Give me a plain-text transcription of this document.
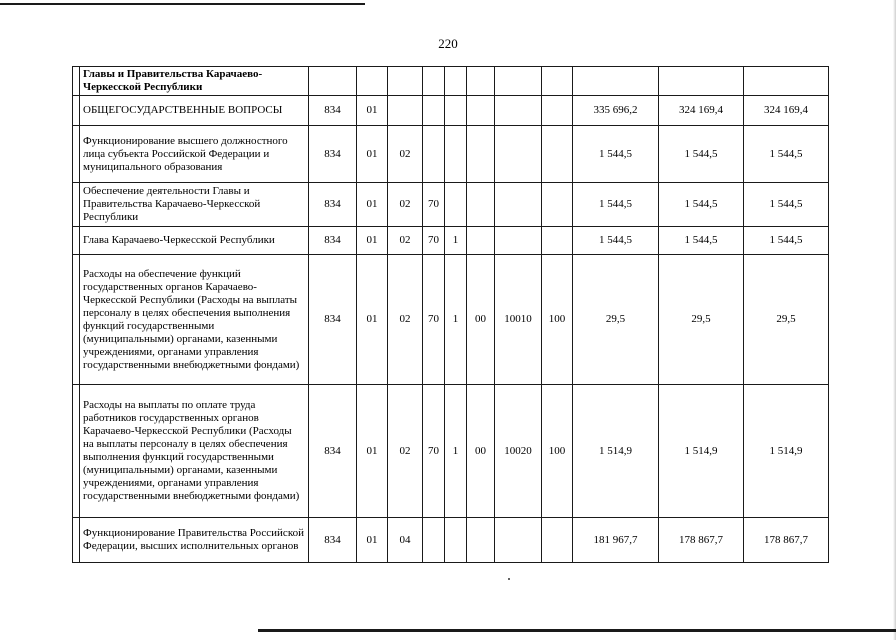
220
	Главы и Правительства Карачаево-Черкесской Республики											
	ОБЩЕГОСУДАРСТВЕННЫЕ ВОПРОСЫ	834	01							335 696,2	324 169,4	324 169,4
	Функционирование высшего должностного лица субъекта Российской Федерации и муниципального образования	834	01	02						1 544,5	1 544,5	1 544,5
	Обеспечение деятельности Главы и Правительства Карачаево-Черкесской Республики	834	01	02	70					1 544,5	1 544,5	1 544,5
	Глава Карачаево-Черкесской Республики	834	01	02	70	1				1 544,5	1 544,5	1 544,5
	Расходы на обеспечение функций государственных органов Карачаево-Черкесской Республики (Расходы на выплаты персоналу в целях обеспечения выполнения функций государственными (муниципальными) органами, казенными учреждениями, органами управления государственными внебюджетными фондами)	834	01	02	70	1	00	10010	100	29,5	29,5	29,5
	Расходы на выплаты по оплате труда работников государственных органов Карачаево-Черкесской Республики (Расходы на выплаты персоналу в целях обеспечения выполнения функций государственными (муниципальными) органами, казенными учреждениями, органами управления государственными внебюджетными фондами)	834	01	02	70	1	00	10020	100	1 514,9	1 514,9	1 514,9
	Функционирование Правительства Российской Федерации, высших исполнительных органов	834	01	04						181 967,7	178 867,7	178 867,7
